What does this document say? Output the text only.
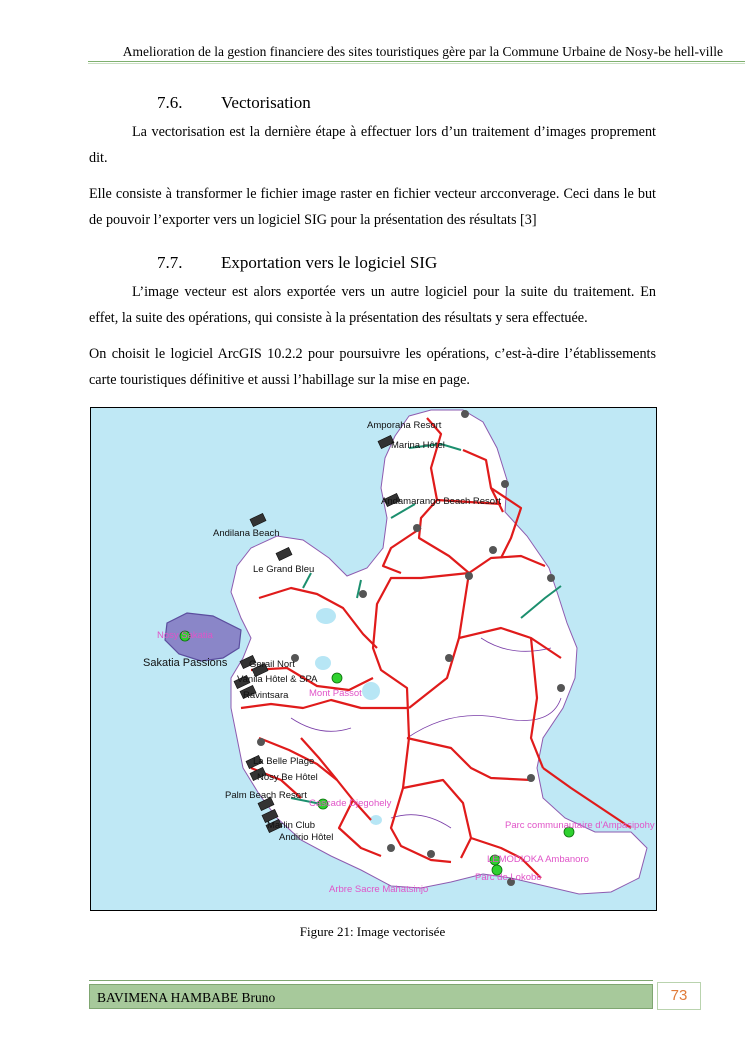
Amelioration de la gestion financiere des sites touristiques gère par la Commune Urbaine de Nosy-be hell-ville
7.6. Vectorisation
La vectorisation est la dernière étape à effectuer lors d’un traitement d’images proprement dit.
Elle consiste à transformer le fichier image raster en fichier vecteur arcconverage. Ceci dans le but de pouvoir l’exporter vers un logiciel SIG pour la présentation des résultats [3]
7.7. Exportation vers le logiciel SIG
L’image vecteur est alors exportée vers un autre logiciel pour la suite du traitement. En effet, la suite des opérations, qui consiste à la présentation des résultats y sera effectuée.
On choisit le logiciel ArcGIS 10.2.2 pour poursuivre les opérations, c’est-à-dire l’établissements carte touristiques définitive et aussi l’habillage sur la mise en page.
Amporaha Resort
Marina Hôtel
Andamarango Beach Resort
Andilana Beach
Le Grand Bleu
Sakatia Passions Gerail Nort
Vanila Hôtel & SPA
Ravintsara
La Belle Plage
Nosy Be Hôtel
Palm Beach Resort
Marlin Club
Andirio Hôtel
Nosy Sakatia
Mont Passot
Cascade Djegohely
Parc communautaire d'Ampasipohy
LEMODIOKA Ambanoro
Parc de Lokobe
Arbre Sacre Mahatsinjo
Figure 21: Image vectorisée
BAVIMENA HAMBABE Bruno	73
